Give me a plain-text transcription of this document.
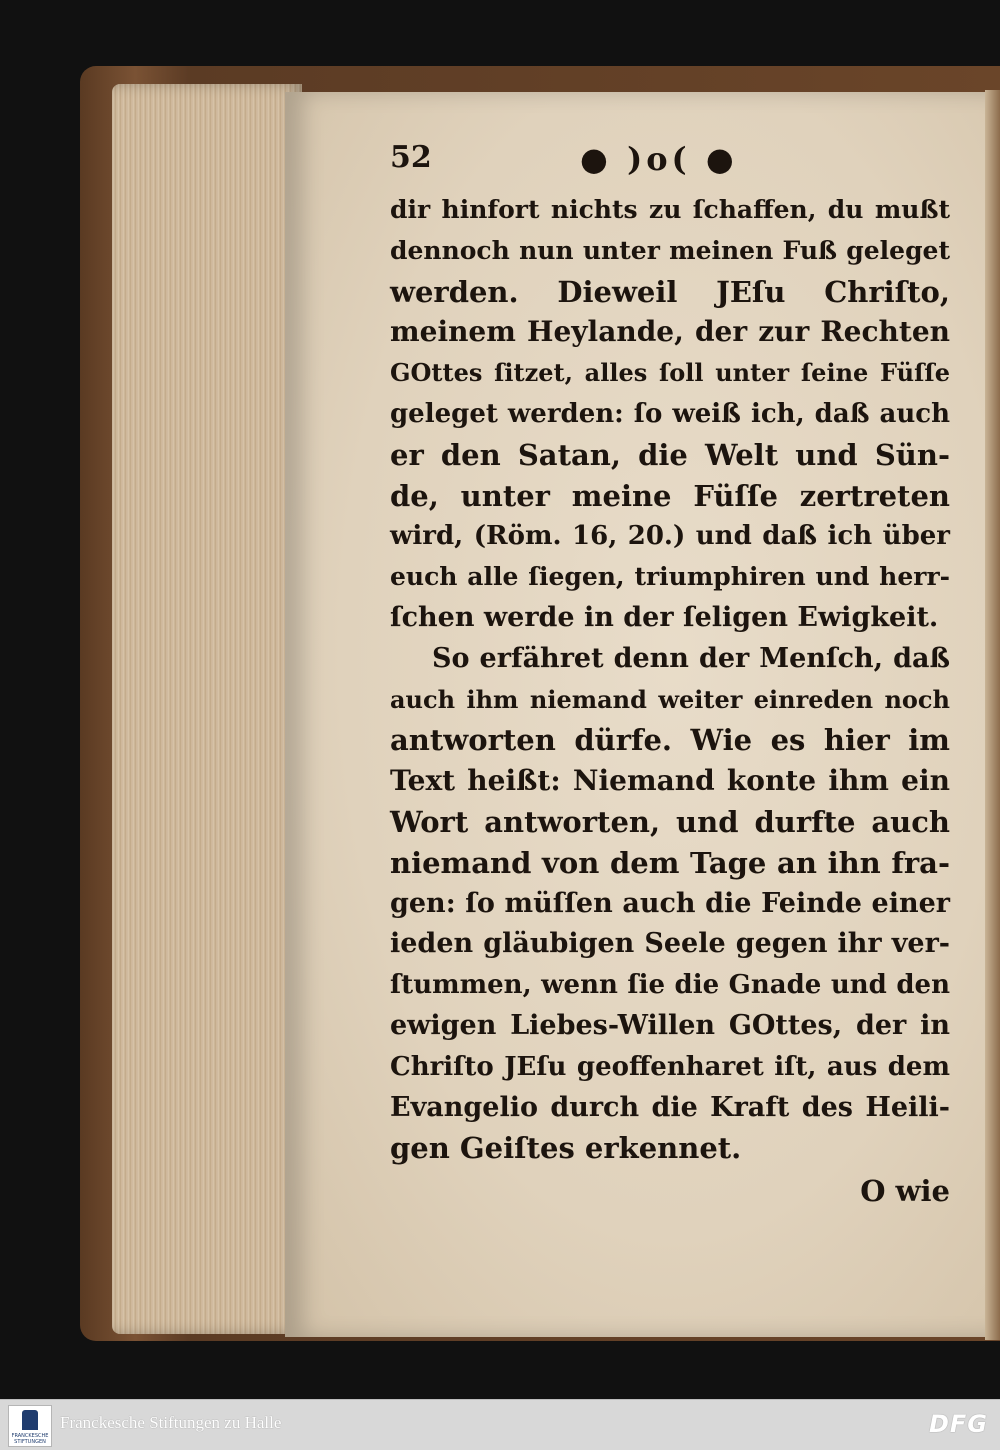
52	● )o( ●
dir hinfort nichts zu ſchaffen, du mußt
dennoch nun unter meinen Fuß geleget
werden. Dieweil JEſu Chriſto,
meinem Heylande, der zur Rechten
GOttes ſitzet, alles ſoll unter ſeine Füſſe
geleget werden: ſo weiß ich, daß auch
er den Satan, die Welt und Sün-
de, unter meine Füſſe zertreten
wird, (Röm. 16, 20.) und daß ich über
euch alle ſiegen, triumphiren und herr-
ſchen werde in der ſeligen Ewigkeit.
So erfähret denn der Menſch, daß
auch ihm niemand weiter einreden noch
antworten dürfe. Wie es hier im
Text heißt: Niemand konte ihm ein
Wort antworten, und durfte auch
niemand von dem Tage an ihn fra-
gen: ſo müſſen auch die Feinde einer
ieden gläubigen Seele gegen ihr ver-
ſtummen, wenn ſie die Gnade und den
ewigen Liebes-Willen GOttes, der in
Chriſto JEſu geoffenharet iſt, aus dem
Evangelio durch die Kraft des Heili-
gen Geiſtes erkennet.
O wie
FRANCKESCHE STIFTUNGEN
Franckesche Stiftungen zu Halle	DFG
